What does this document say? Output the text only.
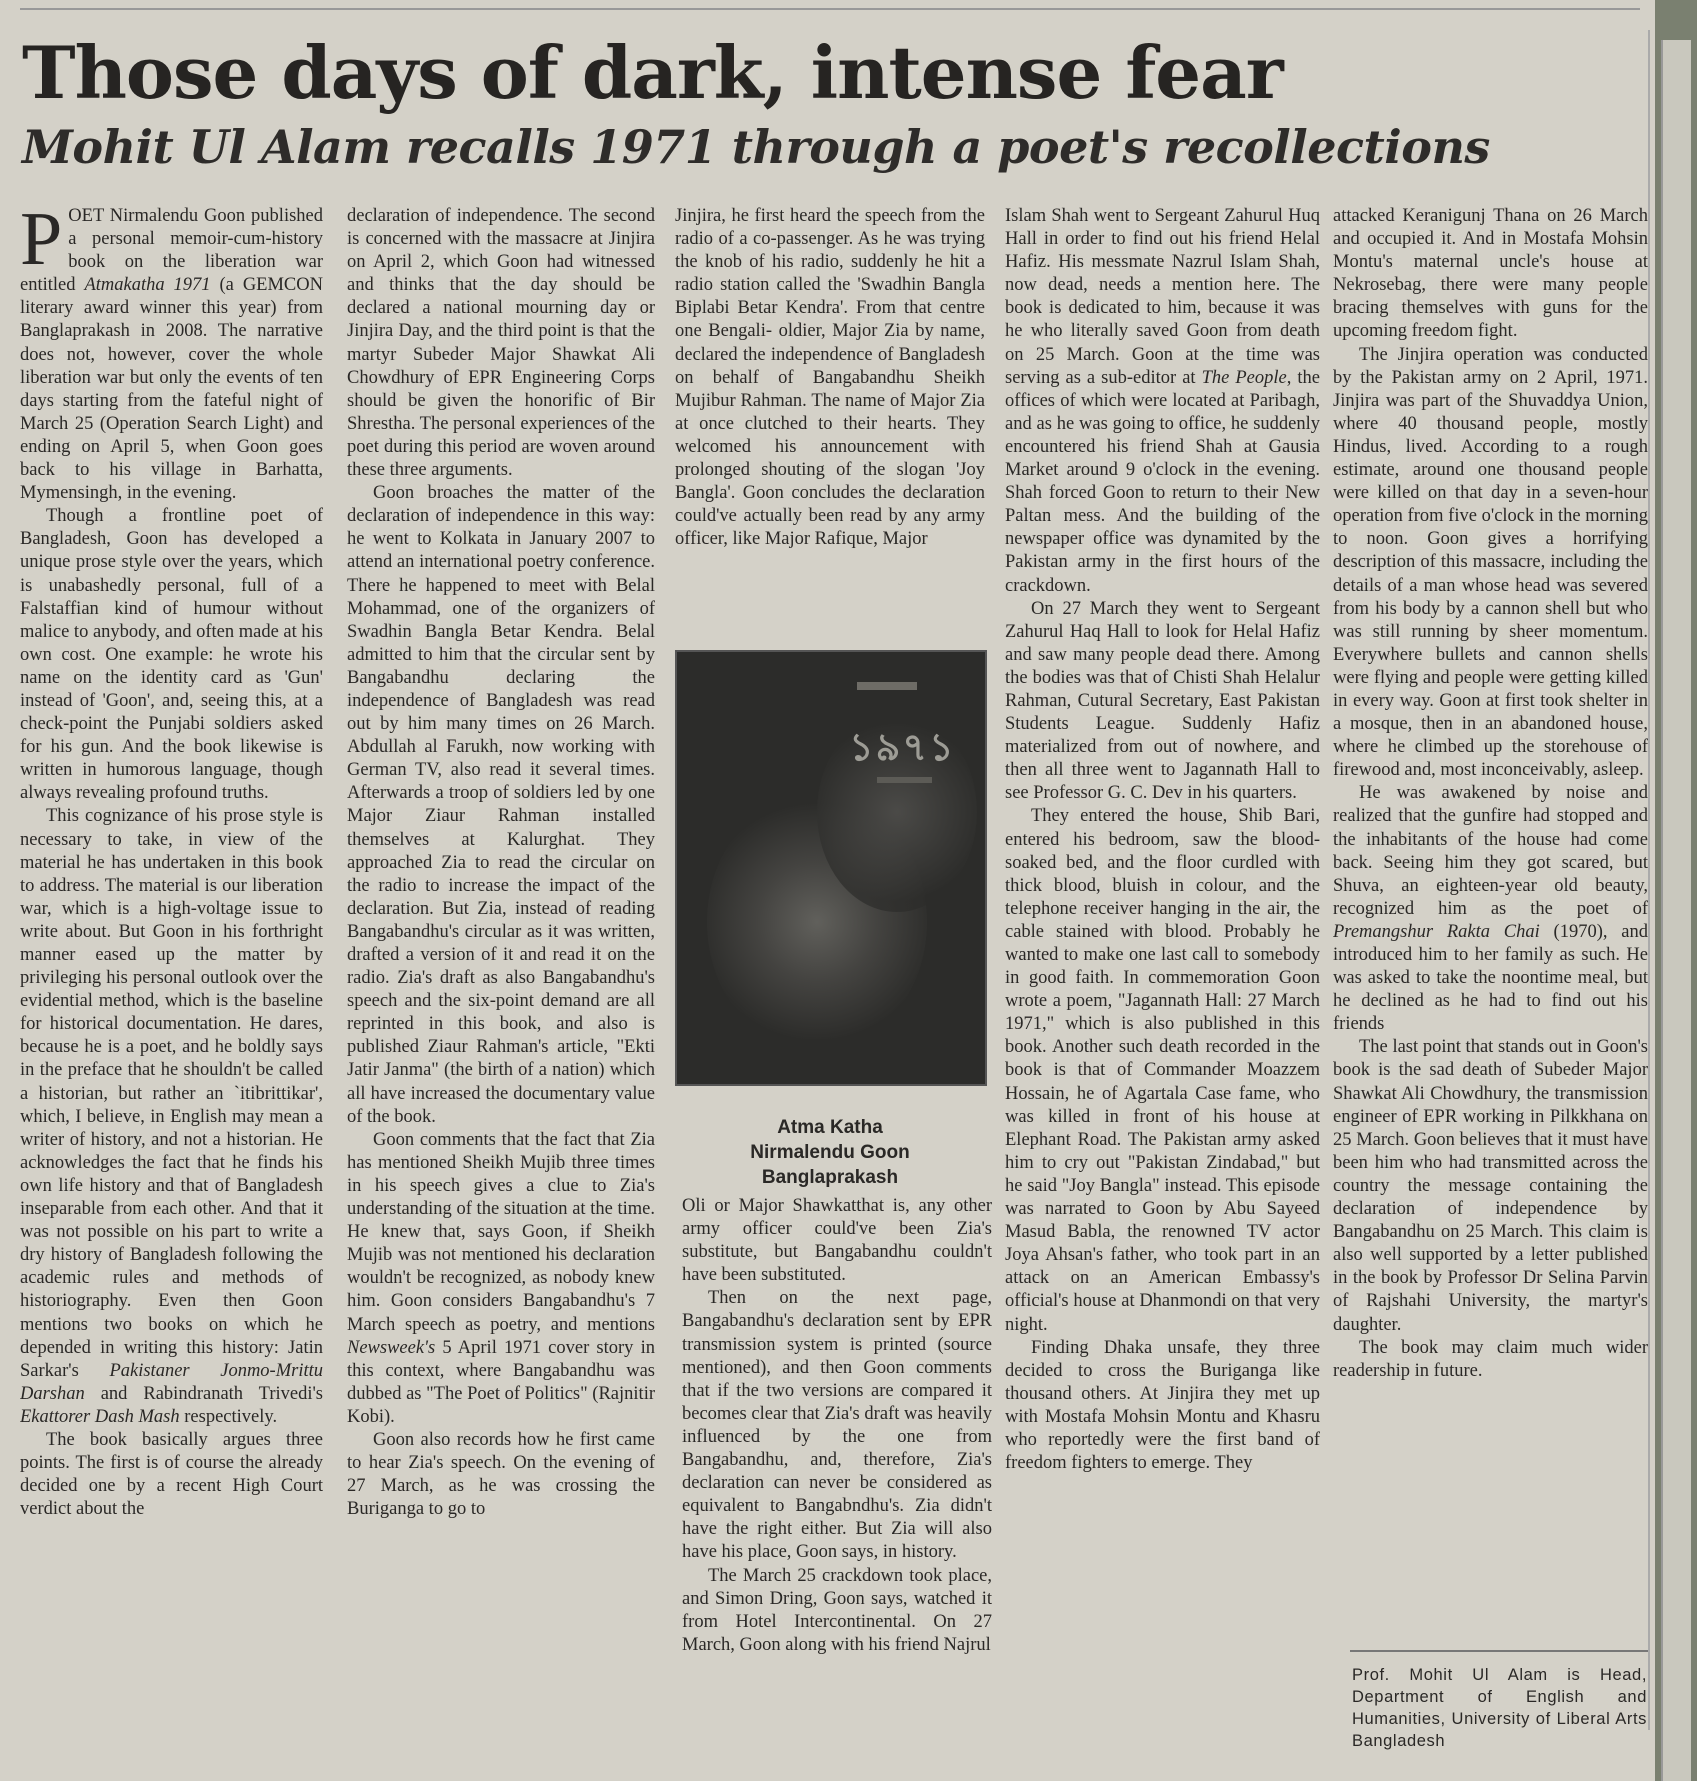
Those days of dark, intense fear
Mohit Ul Alam recalls 1971 through a poet's recollections

POET Nirmalendu Goon published a personal memoir-cum-history book on the liberation war entitled Atmakatha 1971 (a GEMCON literary award winner this year) from Banglaprakash in 2008. The narrative does not, however, cover the whole liberation war but only the events of ten days starting from the fateful night of March 25 (Operation Search Light) and ending on April 5, when Goon goes back to his village in Barhatta, Mymensingh, in the evening.

Though a frontline poet of Bangladesh, Goon has developed a unique prose style over the years, which is unabashedly personal, full of a Falstaffian kind of humour without malice to anybody, and often made at his own cost. One example: he wrote his name on the identity card as 'Gun' instead of 'Goon', and, seeing this, at a check-point the Punjabi soldiers asked for his gun. And the book likewise is written in humorous language, though always revealing profound truths.

This cognizance of his prose style is necessary to take, in view of the material he has undertaken in this book to address. The material is our liberation war, which is a high-voltage issue to write about. But Goon in his forthright manner eased up the matter by privileging his personal outlook over the evidential method, which is the baseline for historical documentation. He dares, because he is a poet, and he boldly says in the preface that he shouldn't be called a historian, but rather an `itibrittikar', which, I believe, in English may mean a writer of history, and not a historian. He acknowledges the fact that he finds his own life history and that of Bangladesh inseparable from each other. And that it was not possible on his part to write a dry history of Bangladesh following the academic rules and methods of historiography. Even then Goon mentions two books on which he depended in writing this history: Jatin Sarkar's Pakistaner Jonmo-Mrittu Darshan and Rabindranath Trivedi's Ekattorer Dash Mash respectively.

The book basically argues three points. The first is of course the already decided one by a recent High Court verdict about the

declaration of independence. The second is concerned with the massacre at Jinjira on April 2, which Goon had witnessed and thinks that the day should be declared a national mourning day or Jinjira Day, and the third point is that the martyr Subeder Major Shawkat Ali Chowdhury of EPR Engineering Corps should be given the honorific of Bir Shrestha. The personal experiences of the poet during this period are woven around these three arguments.

Goon broaches the matter of the declaration of independence in this way: he went to Kolkata in January 2007 to attend an international poetry conference. There he happened to meet with Belal Mohammad, one of the organizers of Swadhin Bangla Betar Kendra. Belal admitted to him that the circular sent by Bangabandhu declaring the independence of Bangladesh was read out by him many times on 26 March. Abdullah al Farukh, now working with German TV, also read it several times. Afterwards a troop of soldiers led by one Major Ziaur Rahman installed themselves at Kalurghat. They approached Zia to read the circular on the radio to increase the impact of the declaration. But Zia, instead of reading Bangabandhu's circular as it was written, drafted a version of it and read it on the radio. Zia's draft as also Bangabandhu's speech and the six-point demand are all reprinted in this book, and also is published Ziaur Rahman's article, "Ekti Jatir Janma" (the birth of a nation) which all have increased the documentary value of the book.

Goon comments that the fact that Zia has mentioned Sheikh Mujib three times in his speech gives a clue to Zia's understanding of the situation at the time. He knew that, says Goon, if Sheikh Mujib was not mentioned his declaration wouldn't be recognized, as nobody knew him. Goon considers Bangabandhu's 7 March speech as poetry, and mentions Newsweek's 5 April 1971 cover story in this context, where Bangabandhu was dubbed as "The Poet of Politics" (Rajnitir Kobi).

Goon also records how he first came to hear Zia's speech. On the evening of 27 March, as he was crossing the Buriganga to go to

Jinjira, he first heard the speech from the radio of a co-passenger. As he was trying the knob of his radio, suddenly he hit a radio station called the 'Swadhin Bangla Biplabi Betar Kendra'. From that centre one Bengali- oldier, Major Zia by name, declared the independence of Bangladesh on behalf of Bangabandhu Sheikh Mujibur Rahman. The name of Major Zia at once clutched to their hearts. They welcomed his announcement with prolonged shouting of the slogan 'Joy Bangla'. Goon concludes the declaration could've actually been read by any army officer, like Major Rafique, Major

১৯৭১
Atma Katha
Nirmalendu Goon
Banglaprakash

Oli or Major Shawkatthat is, any other army officer could've been Zia's substitute, but Bangabandhu couldn't have been substituted.

Then on the next page, Bangabandhu's declaration sent by EPR transmission system is printed (source mentioned), and then Goon comments that if the two versions are compared it becomes clear that Zia's draft was heavily influenced by the one from Bangabandhu, and, therefore, Zia's declaration can never be considered as equivalent to Bangabndhu's. Zia didn't have the right either. But Zia will also have his place, Goon says, in history.

The March 25 crackdown took place, and Simon Dring, Goon says, watched it from Hotel Intercontinental. On 27 March, Goon along with his friend Najrul

Islam Shah went to Sergeant Zahurul Huq Hall in order to find out his friend Helal Hafiz. His messmate Nazrul Islam Shah, now dead, needs a mention here. The book is dedicated to him, because it was he who literally saved Goon from death on 25 March. Goon at the time was serving as a sub-editor at The People, the offices of which were located at Paribagh, and as he was going to office, he suddenly encountered his friend Shah at Gausia Market around 9 o'clock in the evening. Shah forced Goon to return to their New Paltan mess. And the building of the newspaper office was dynamited by the Pakistan army in the first hours of the crackdown.

On 27 March they went to Sergeant Zahurul Haq Hall to look for Helal Hafiz and saw many people dead there. Among the bodies was that of Chisti Shah Helalur Rahman, Cutural Secretary, East Pakistan Students League. Suddenly Hafiz materialized from out of nowhere, and then all three went to Jagannath Hall to see Professor G. C. Dev in his quarters.

They entered the house, Shib Bari, entered his bedroom, saw the blood-soaked bed, and the floor curdled with thick blood, bluish in colour, and the telephone receiver hanging in the air, the cable stained with blood. Probably he wanted to make one last call to somebody in good faith. In commemoration Goon wrote a poem, "Jagannath Hall: 27 March 1971," which is also published in this book. Another such death recorded in the book is that of Commander Moazzem Hossain, he of Agartala Case fame, who was killed in front of his house at Elephant Road. The Pakistan army asked him to cry out "Pakistan Zindabad," but he said "Joy Bangla" instead. This episode was narrated to Goon by Abu Sayeed Masud Babla, the renowned TV actor Joya Ahsan's father, who took part in an attack on an American Embassy's official's house at Dhanmondi on that very night.

Finding Dhaka unsafe, they three decided to cross the Buriganga like thousand others. At Jinjira they met up with Mostafa Mohsin Montu and Khasru who reportedly were the first band of freedom fighters to emerge. They

attacked Keranigunj Thana on 26 March and occupied it. And in Mostafa Mohsin Montu's maternal uncle's house at Nekrosebag, there were many people bracing themselves with guns for the upcoming freedom fight.

The Jinjira operation was conducted by the Pakistan army on 2 April, 1971. Jinjira was part of the Shuvaddya Union, where 40 thousand people, mostly Hindus, lived. According to a rough estimate, around one thousand people were killed on that day in a seven-hour operation from five o'clock in the morning to noon. Goon gives a horrifying description of this massacre, including the details of a man whose head was severed from his body by a cannon shell but who was still running by sheer momentum. Everywhere bullets and cannon shells were flying and people were getting killed in every way. Goon at first took shelter in a mosque, then in an abandoned house, where he climbed up the storehouse of firewood and, most inconceivably, asleep.

He was awakened by noise and realized that the gunfire had stopped and the inhabitants of the house had come back. Seeing him they got scared, but Shuva, an eighteen-year old beauty, recognized him as the poet of Premangshur Rakta Chai (1970), and introduced him to her family as such. He was asked to take the noontime meal, but he declined as he had to find out his friends

The last point that stands out in Goon's book is the sad death of Subeder Major Shawkat Ali Chowdhury, the transmission engineer of EPR working in Pilkkhana on 25 March. Goon believes that it must have been him who had transmitted across the country the message containing the declaration of independence by Bangabandhu on 25 March. This claim is also well supported by a letter published in the book by Professor Dr Selina Parvin of Rajshahi University, the martyr's daughter.

The book may claim much wider readership in future.

Prof. Mohit Ul Alam is Head, Department of English and Humanities, University of Liberal Arts Bangladesh
